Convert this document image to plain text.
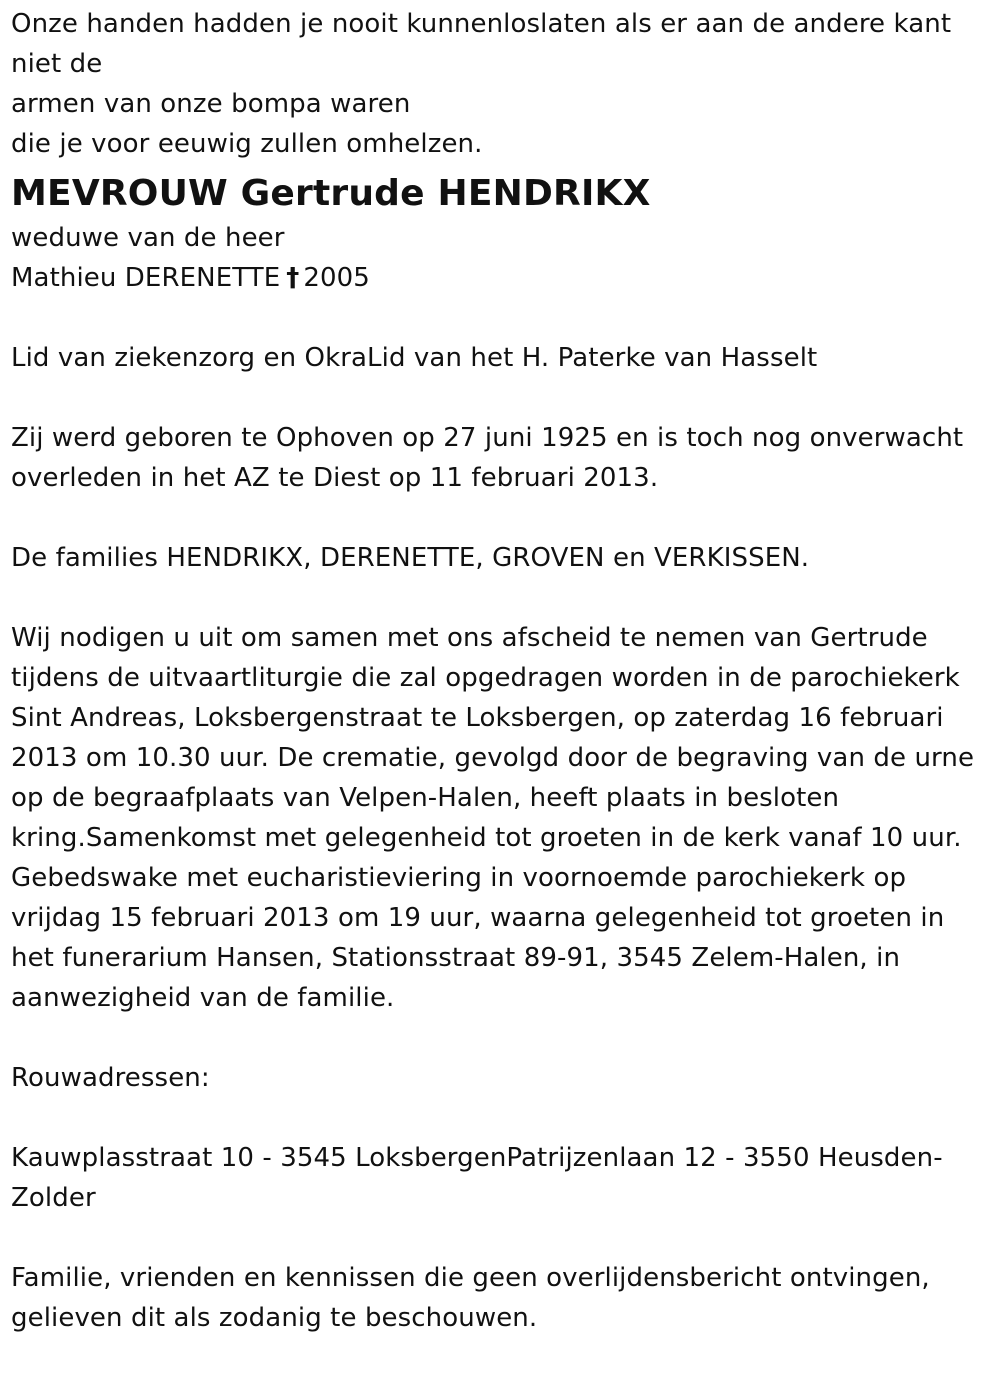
Onze handen hadden je nooit kunnenloslaten als er aan de andere kant
niet de
armen van onze bompa waren
die je voor eeuwig zullen omhelzen.
MEVROUW Gertrude HENDRIKX
weduwe van de heer
Mathieu DERENETTE † 2005
Lid van ziekenzorg en OkraLid van het H. Paterke van Hasselt
Zij werd geboren te Ophoven op 27 juni 1925 en is toch nog onverwacht
overleden in het AZ te Diest op 11 februari 2013.
De families HENDRIKX, DERENETTE, GROVEN en VERKISSEN.
Wij nodigen u uit om samen met ons afscheid te nemen van Gertrude
tijdens de uitvaartliturgie die zal opgedragen worden in de parochiekerk
Sint Andreas, Loksbergenstraat te Loksbergen, op zaterdag 16 februari
2013 om 10.30 uur. De crematie, gevolgd door de begraving van de urne
op de begraafplaats van Velpen-Halen, heeft plaats in besloten
kring.Samenkomst met gelegenheid tot groeten in de kerk vanaf 10 uur.
Gebedswake met eucharistieviering in voornoemde parochiekerk op
vrijdag 15 februari 2013 om 19 uur, waarna gelegenheid tot groeten in
het funerarium Hansen, Stationsstraat 89-91, 3545 Zelem-Halen, in
aanwezigheid van de familie.
Rouwadressen:
Kauwplasstraat 10 - 3545 LoksbergenPatrijzenlaan 12 - 3550 Heusden-
Zolder
Familie, vrienden en kennissen die geen overlijdensbericht ontvingen,
gelieven dit als zodanig te beschouwen.
